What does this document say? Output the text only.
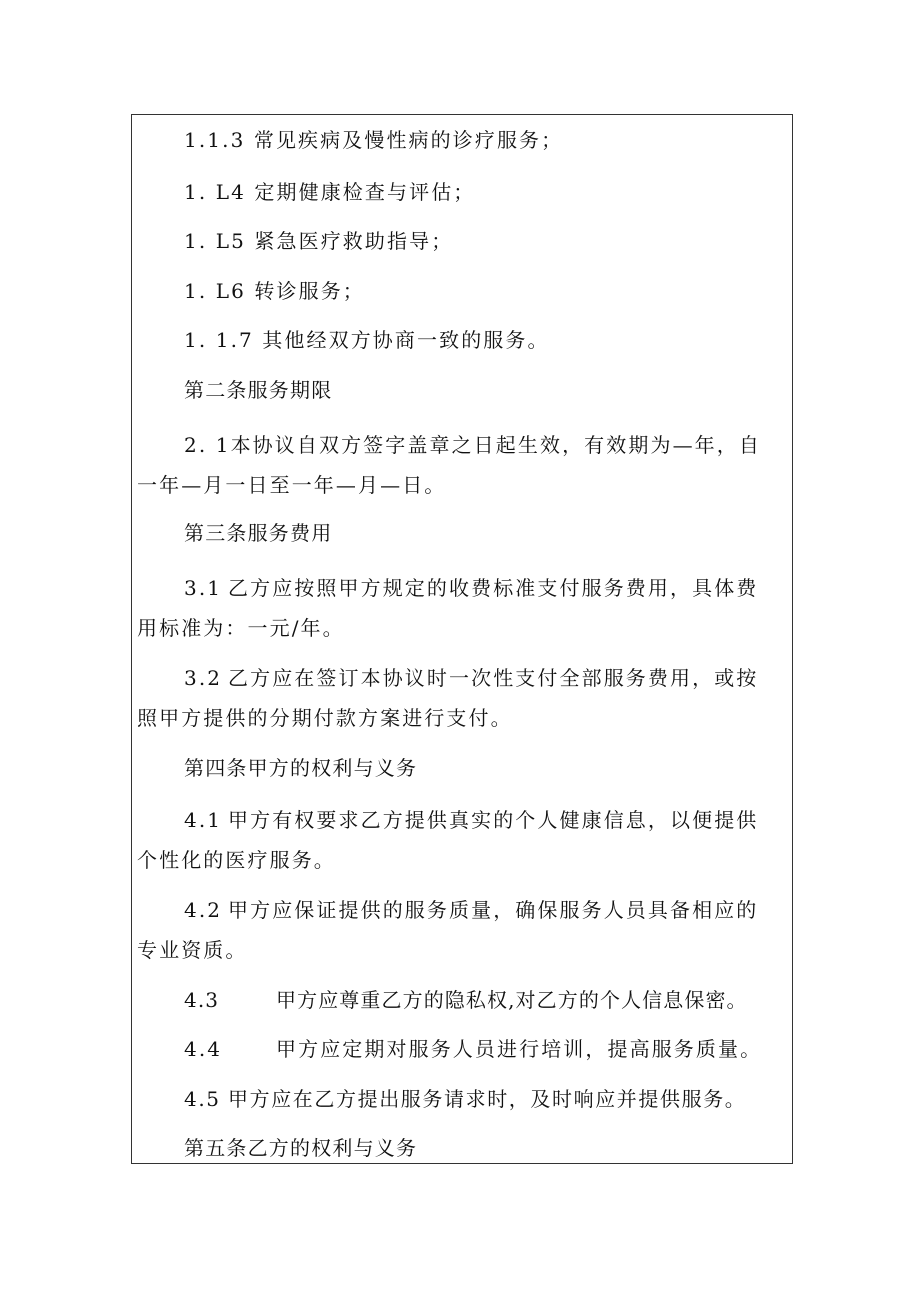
1.1.3 常见疾病及慢性病的诊疗服务；
1. L4 定期健康检查与评估；
1. L5 紧急医疗救助指导；
1. L6 转诊服务；
1. 1.7 其他经双方协商一致的服务。
第二条服务期限
2. 1本协议自双方签字盖章之日起生效，有效期为—年，自
一年—月一日至一年—月—日。
第三条服务费用
3.1 乙方应按照甲方规定的收费标准支付服务费用，具体费
用标准为：一元/年。
3.2 乙方应在签订本协议时一次性支付全部服务费用，或按
照甲方提供的分期付款方案进行支付。
第四条甲方的权利与义务
4.1 甲方有权要求乙方提供真实的个人健康信息，以便提供
个性化的医疗服务。
4.2 甲方应保证提供的服务质量，确保服务人员具备相应的
专业资质。
4.3	甲方应尊重乙方的隐私权,对乙方的个人信息保密。
4.4	甲方应定期对服务人员进行培训，提高服务质量。
4.5 甲方应在乙方提出服务请求时，及时响应并提供服务。
第五条乙方的权利与义务
